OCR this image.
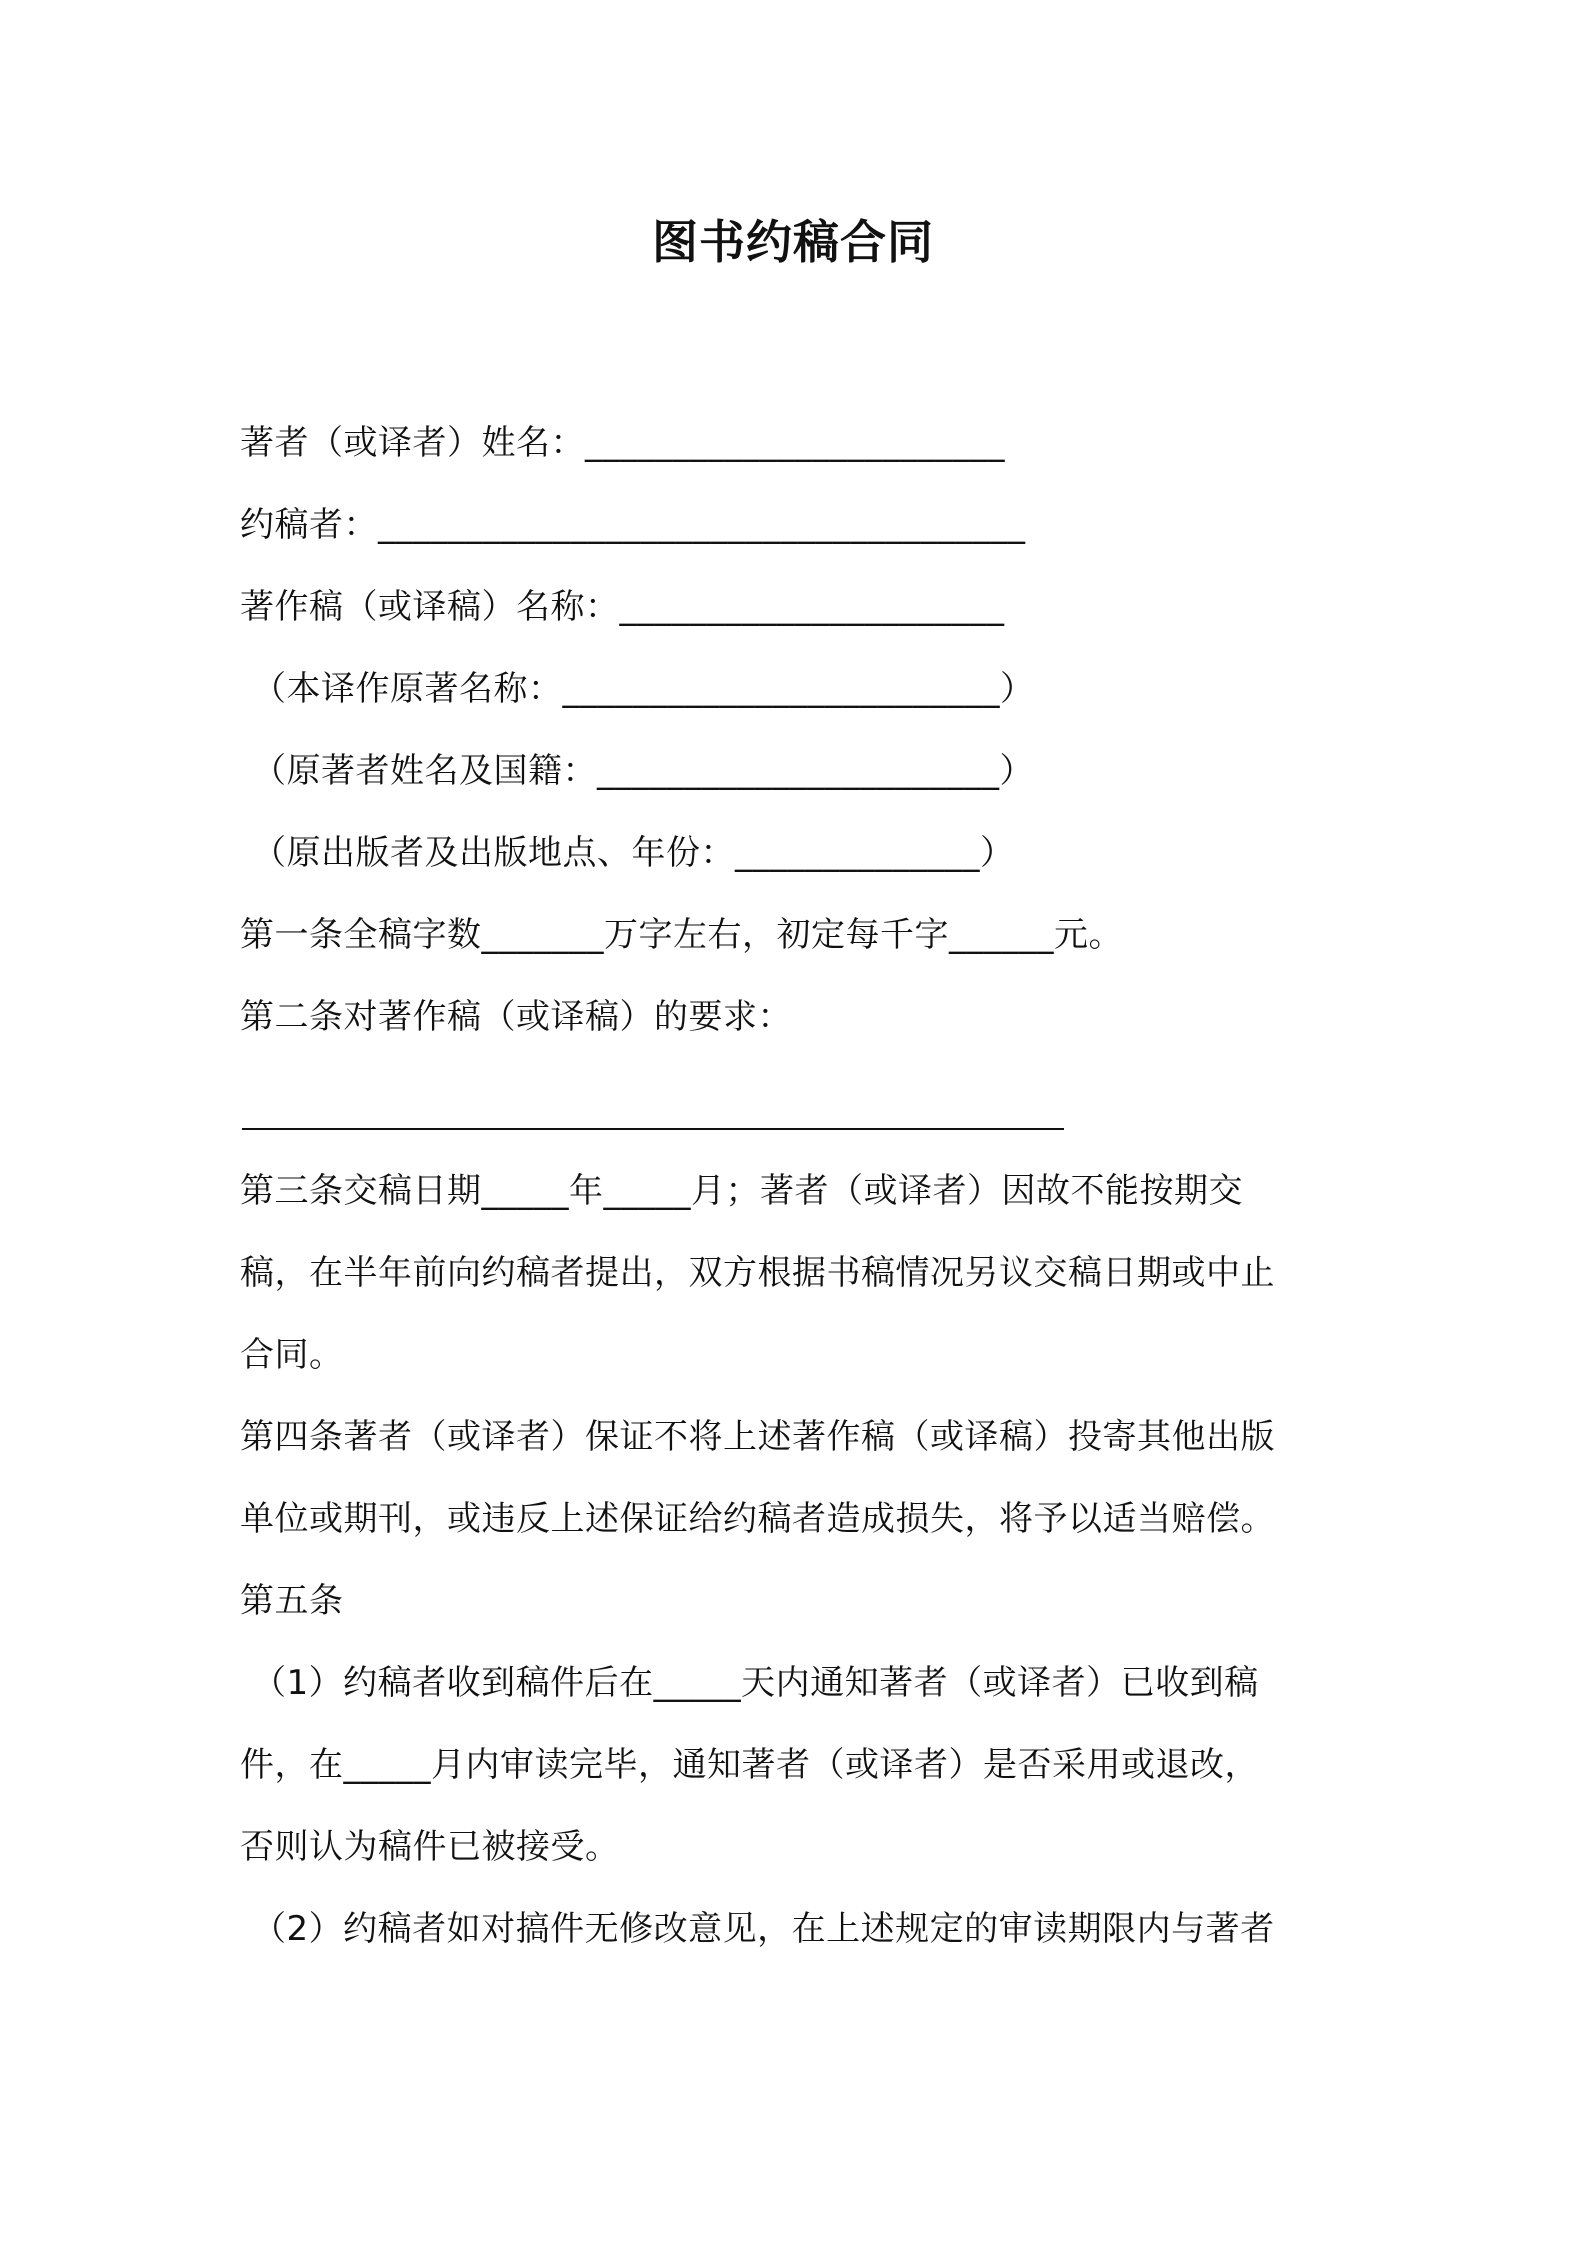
图书约稿合同
著者（或译者）姓名：________________________
约稿者：_____________________________________
著作稿（或译稿）名称：______________________
（本译作原著名称：_________________________）
（原著者姓名及国籍：_______________________）
（原出版者及出版地点、年份：______________）
第一条全稿字数_______万字左右，初定每千字______元。
第二条对著作稿（或译稿）的要求：
第三条交稿日期_____年_____月；著者（或译者）因故不能按期交
稿，在半年前向约稿者提出，双方根据书稿情况另议交稿日期或中止
合同。
第四条著者（或译者）保证不将上述著作稿（或译稿）投寄其他出版
单位或期刊，或违反上述保证给约稿者造成损失，将予以适当赔偿。
第五条
（1）约稿者收到稿件后在_____天内通知著者（或译者）已收到稿
件，在_____月内审读完毕，通知著者（或译者）是否采用或退改，
否则认为稿件已被接受。
（2）约稿者如对搞件无修改意见，在上述规定的审读期限内与著者
